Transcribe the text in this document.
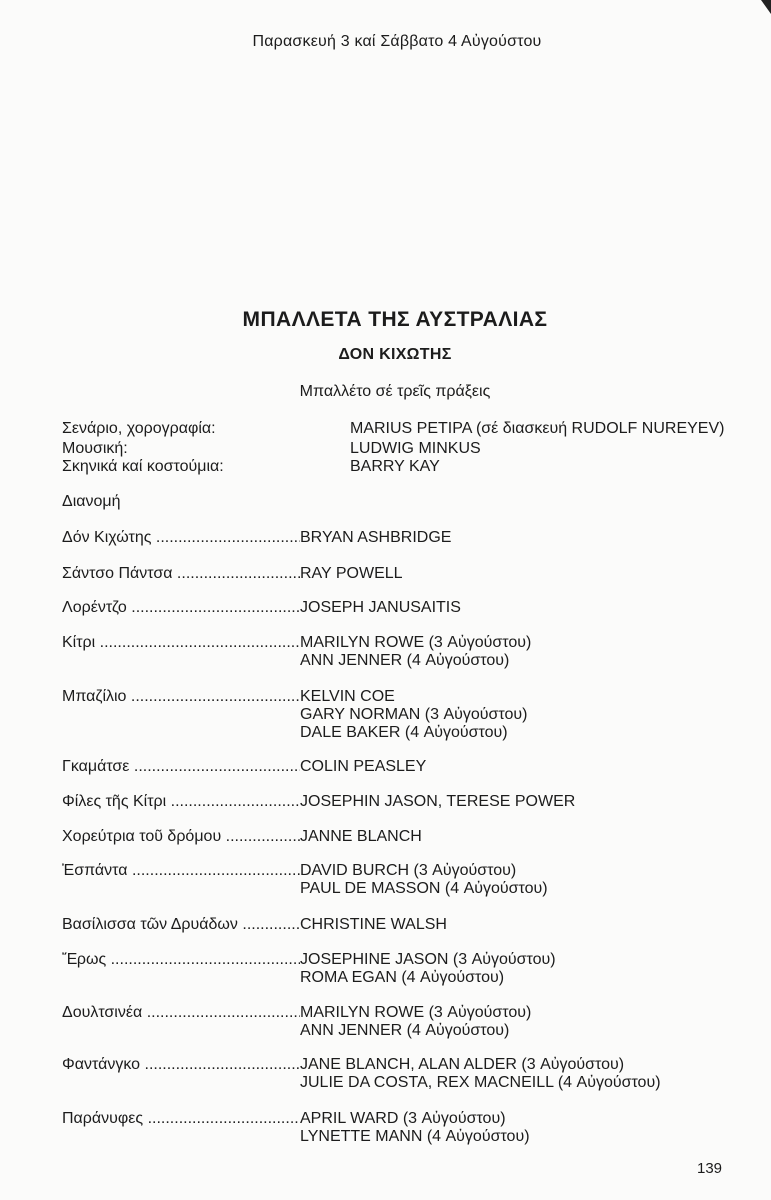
Παρασκευή 3 καί Σάββατο 4 Αὐγούστου
ΜΠΑΛΛΕΤΑ ΤΗΣ ΑΥΣΤΡΑΛΙΑΣ
ΔΟΝ ΚΙΧΩΤΗΣ
Μπαλλέτο σέ τρεῖς πράξεις
Σενάριο, χορογραφία:	MARIUS PETIPA (σέ διασκευή RUDOLF NUREYEV)
Μουσική:	LUDWIG MINKUS
Σκηνικά καί κοστούμια:	BARRY KAY
Διανομή
Δόν Κιχώτης .....	BRYAN ASHBRIDGE
Σάντσο Πάντσα .....	RAY POWELL
Λορέντζο .....	JOSEPH JANUSAITIS
Κίτρι .....	MARILYN ROWE (3 Αὐγούστου)
ANN JENNER (4 Αὐγούστου)
Μπαζίλιο .....	KELVIN COE
GARY NORMAN (3 Αὐγούστου)
DALE BAKER (4 Αὐγούστου)
Γκαμάτσε .....	COLIN PEASLEY
Φίλες τῆς Κίτρι .....	JOSEPHIN JASON, TERESE POWER
Χορεύτρια τοῦ δρόμου .....	JANNE BLANCH
Ἐσπάντα .....	DAVID BURCH (3 Αὐγούστου)
PAUL DE MASSON (4 Αὐγούστου)
Βασίλισσα τῶν Δρυάδων .....	CHRISTINE WALSH
Ἔρως .....	JOSEPHINE JASON (3 Αὐγούστου)
ROMA EGAN (4 Αὐγούστου)
Δουλτσινέα .....	MARILYN ROWE (3 Αὐγούστου)
ANN JENNER (4 Αὐγούστου)
Φαντάνγκο .....	JANE BLANCH, ALAN ALDER (3 Αὐγούστου)
JULIE DA COSTA, REX MACNEILL (4 Αὐγούστου)
Παράνυφες .....	APRIL WARD (3 Αὐγούστου)
LYNETTE MANN (4 Αὐγούστου)
139
